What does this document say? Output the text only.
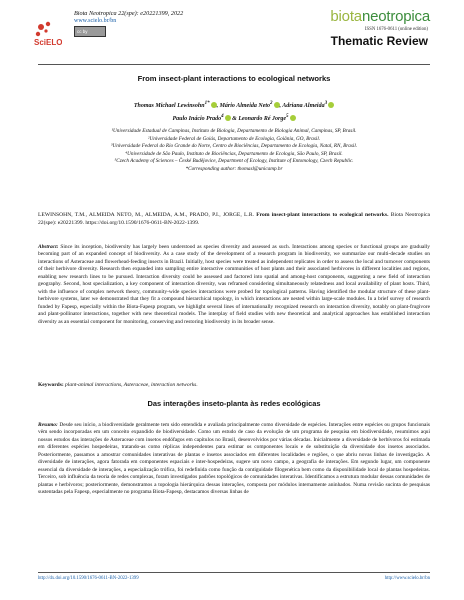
SciELO
Biota Neotropica 22(spe): e20221399, 2022
www.scielo.br/bn
cc by
biotaneotropica
ISSN 1676-0611 (online edition)
Thematic Review
From insect-plant interactions to ecological networks
Thomas Michael Lewinsohn$^{1*}$ , Mário Almeida Neto$^2$ , Adriana Almeida$^3$
Paulo Inácio Prado$^4$ & Leonardo Ré Jorge$^5$
¹Universidade Estadual de Campinas, Instituto de Biologia, Departamento de Biologia Animal, Campinas, SP, Brasil.
²Universidade Federal de Goiás, Departamento de Ecologia, Goiânia, GO, Brasil.
³Universidade Federal do Rio Grande do Norte, Centro de Biociências, Departamento de Ecologia, Natal, RN, Brasil.
⁴Universidade de São Paulo, Instituto de Biociências, Departamento de Ecologia, São Paulo, SP, Brasil.
⁵Czech Academy of Sciences – České Budějovice, Department of Ecology, Institute of Entomology, Czech Republic.
*Corresponding author: thomasl@unicamp.br
LEWINSOHN, T.M., ALMEIDA NETO, M., ALMEIDA, A.M., PRADO, P.I., JORGE, L.R. From insect-plant interactions to ecological networks. Biota Neotropica 22(spe): e20221399. https://doi.org/10.1590/1676-0611-BN-2022-1399.
Abstract: Since its inception, biodiversity has largely been understood as species diversity and assessed as such. Interactions among species or functional groups are gradually becoming part of an expanded concept of biodiversity. As a case study of the development of a research program in biodiversity, we summarize our multi-decade studies on interactions of Asteraceae and flowerhead-feeding insects in Brazil. Initially, host species were treated as independent replicates in order to assess the local and turnover components of their herbivore diversity. Research then expanded into sampling entire interactive communities of host plants and their associated herbivores in different localities and regions, enabling new research lines to be pursued. Interaction diversity could be assessed and factored into spatial and among-host components, suggesting a new field of interaction geography. Second, host specialization, a key component of interaction diversity, was reframed considering simultaneously relatedness and local availability of plant hosts. Third, with the influence of complex network theory, community-wide species interactions were probed for topological patterns. Having identified the modular structure of these plant-herbivore systems, later we demonstrated that they fit a compound hierarchical topology, in which interactions are nested within large-scale modules. In a brief survey of research funded by Fapesp, especially within the Biota-Fapesp program, we highlight several lines of internationally recognized research on interaction diversity, notably on plant-frugivore and plant-pollinator interactions, together with new theoretical models. The interplay of field studies with new theoretical and analytical approaches has established interaction diversity as an essential component for monitoring, conserving and restoring biodiversity in its broader sense.
Keywords: plant-animal interactions, Asteraceae, interaction networks.
Das interações inseto-planta às redes ecológicas
Resumo: Desde seu início, a biodiversidade geralmente tem sido entendida e avaliada principalmente como diversidade de espécies. Interações entre espécies ou grupos funcionais vêm sendo incorporadas em um conceito expandido de biodiversidade. Como um estudo de caso da evolução de um programa de pesquisa em biodiversidade, resumimos aqui nossos estudos das interações de Asteraceae com insetos endófagos em capítulos no Brasil, desenvolvidos por várias décadas. Inicialmente a diversidade de herbívoros foi estimada em diferentes espécies hospedeiras, tratando-as como réplicas independentes para estimar os componentes locais e de substituição da diversidade dos insetos associados. Posteriormente, passamos a amostrar comunidades interativas de plantas e insetos associados em diferentes localidades e regiões, o que abriu novas linhas de investigação. A diversidade de interações, agora fatorada em componentes espaciais e inter-hospedeiras, sugere um novo campo, a geografia de interações. Em segundo lugar, um componente essencial da diversidade de interações, a especialização trófica, foi redefinida como função da contiguidade filogenética bem como da disponibilidade local de plantas hospedeiras. Terceiro, sob influência da teoria de redes complexas, foram investigados padrões topológicos de comunidades interativas. Identificamos a estrutura modular dessas comunidades de plantas e herbívoros; posteriormente, demonstramos a topologia hierárquica dessas interações, composta por módulos internamente aninhados. Numa revisão sucinta de pesquisas sustentadas pela Fapesp, especialmente no programa Biota-Fapesp, destacamos diversas linhas de
http://dx.doi.org/10.1590/1676-0611-BN-2022-1399	http://www.scielo.br/bn
